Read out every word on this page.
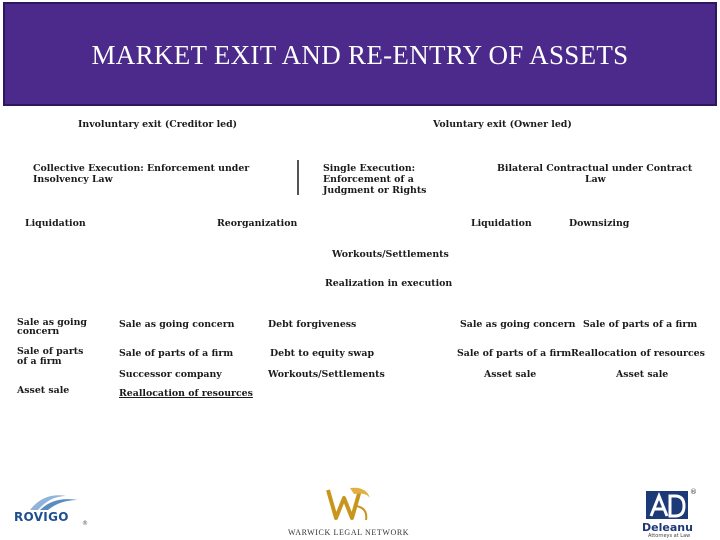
MARKET EXIT AND RE-ENTRY OF ASSETS
Involuntary exit (Creditor led)	Voluntary exit (Owner led)
Collective Execution: Enforcement under
Insolvency Law
Single Execution:
Enforcement of a
Judgment or Rights
Bilateral Contractual under Contract
Law
Liquidation	Reorganization	Liquidation	Downsizing
Workouts/Settlements
Realization in execution
Sale as going
concern
Sale of parts
of a firm
Asset sale
Sale as going concern
Sale of parts of a firm
Successor company
Reallocation of resources
Debt forgiveness
Debt to equity swap
Workouts/Settlements
Sale as going concern
Sale of parts of a firm
Asset sale
Sale of parts of a firm
Reallocation of resources
Asset sale
ROVIGO ®
WARWICK LEGAL NETWORK
®
Deleanu
Attorneys at Law
